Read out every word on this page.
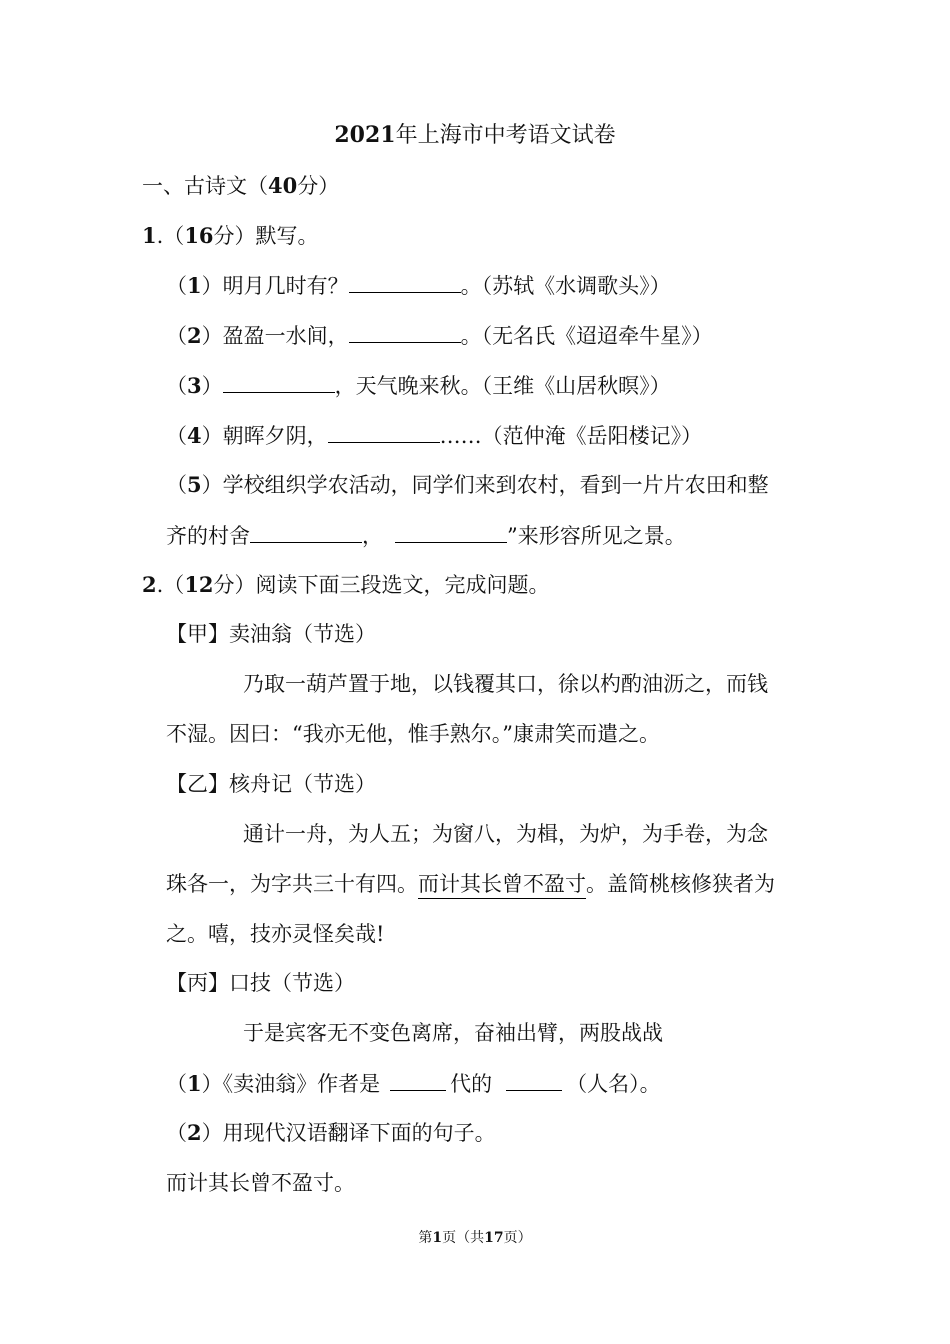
2021年上海市中考语文试卷
一、古诗文（40分）
1.（16分）默写。
（1）明月几时有？	。（苏轼《水调歌头》）
（2）盈盈一水间，	。（无名氏《迢迢牵牛星》）
（3）	，天气晚来秋。（王维《山居秋暝》）
（4）朝晖夕阴，	……（范仲淹《岳阳楼记》）
（5）学校组织学农活动，同学们来到农村，看到一片片农田和整
齐的村舍	，	”来形容所见之景。
2.（12分）阅读下面三段选文，完成问题。
【甲】卖油翁（节选）
乃取一葫芦置于地，以钱覆其口，徐以杓酌油沥之，而钱
不湿。因曰：“我亦无他，惟手熟尔。”康肃笑而遣之。
【乙】核舟记（节选）
通计一舟，为人五；为窗八，为楫，为炉，为手卷，为念
珠各一，为字共三十有四。而计其长曾不盈寸。盖简桃核修狭者为
之。嘻，技亦灵怪矣哉!
【丙】口技（节选）
于是宾客无不变色离席，奋袖出臂，两股战战
（1）《卖油翁》作者是	代的	（人名）。
（2）用现代汉语翻译下面的句子。
而计其长曾不盈寸。
第1页（共17页）
